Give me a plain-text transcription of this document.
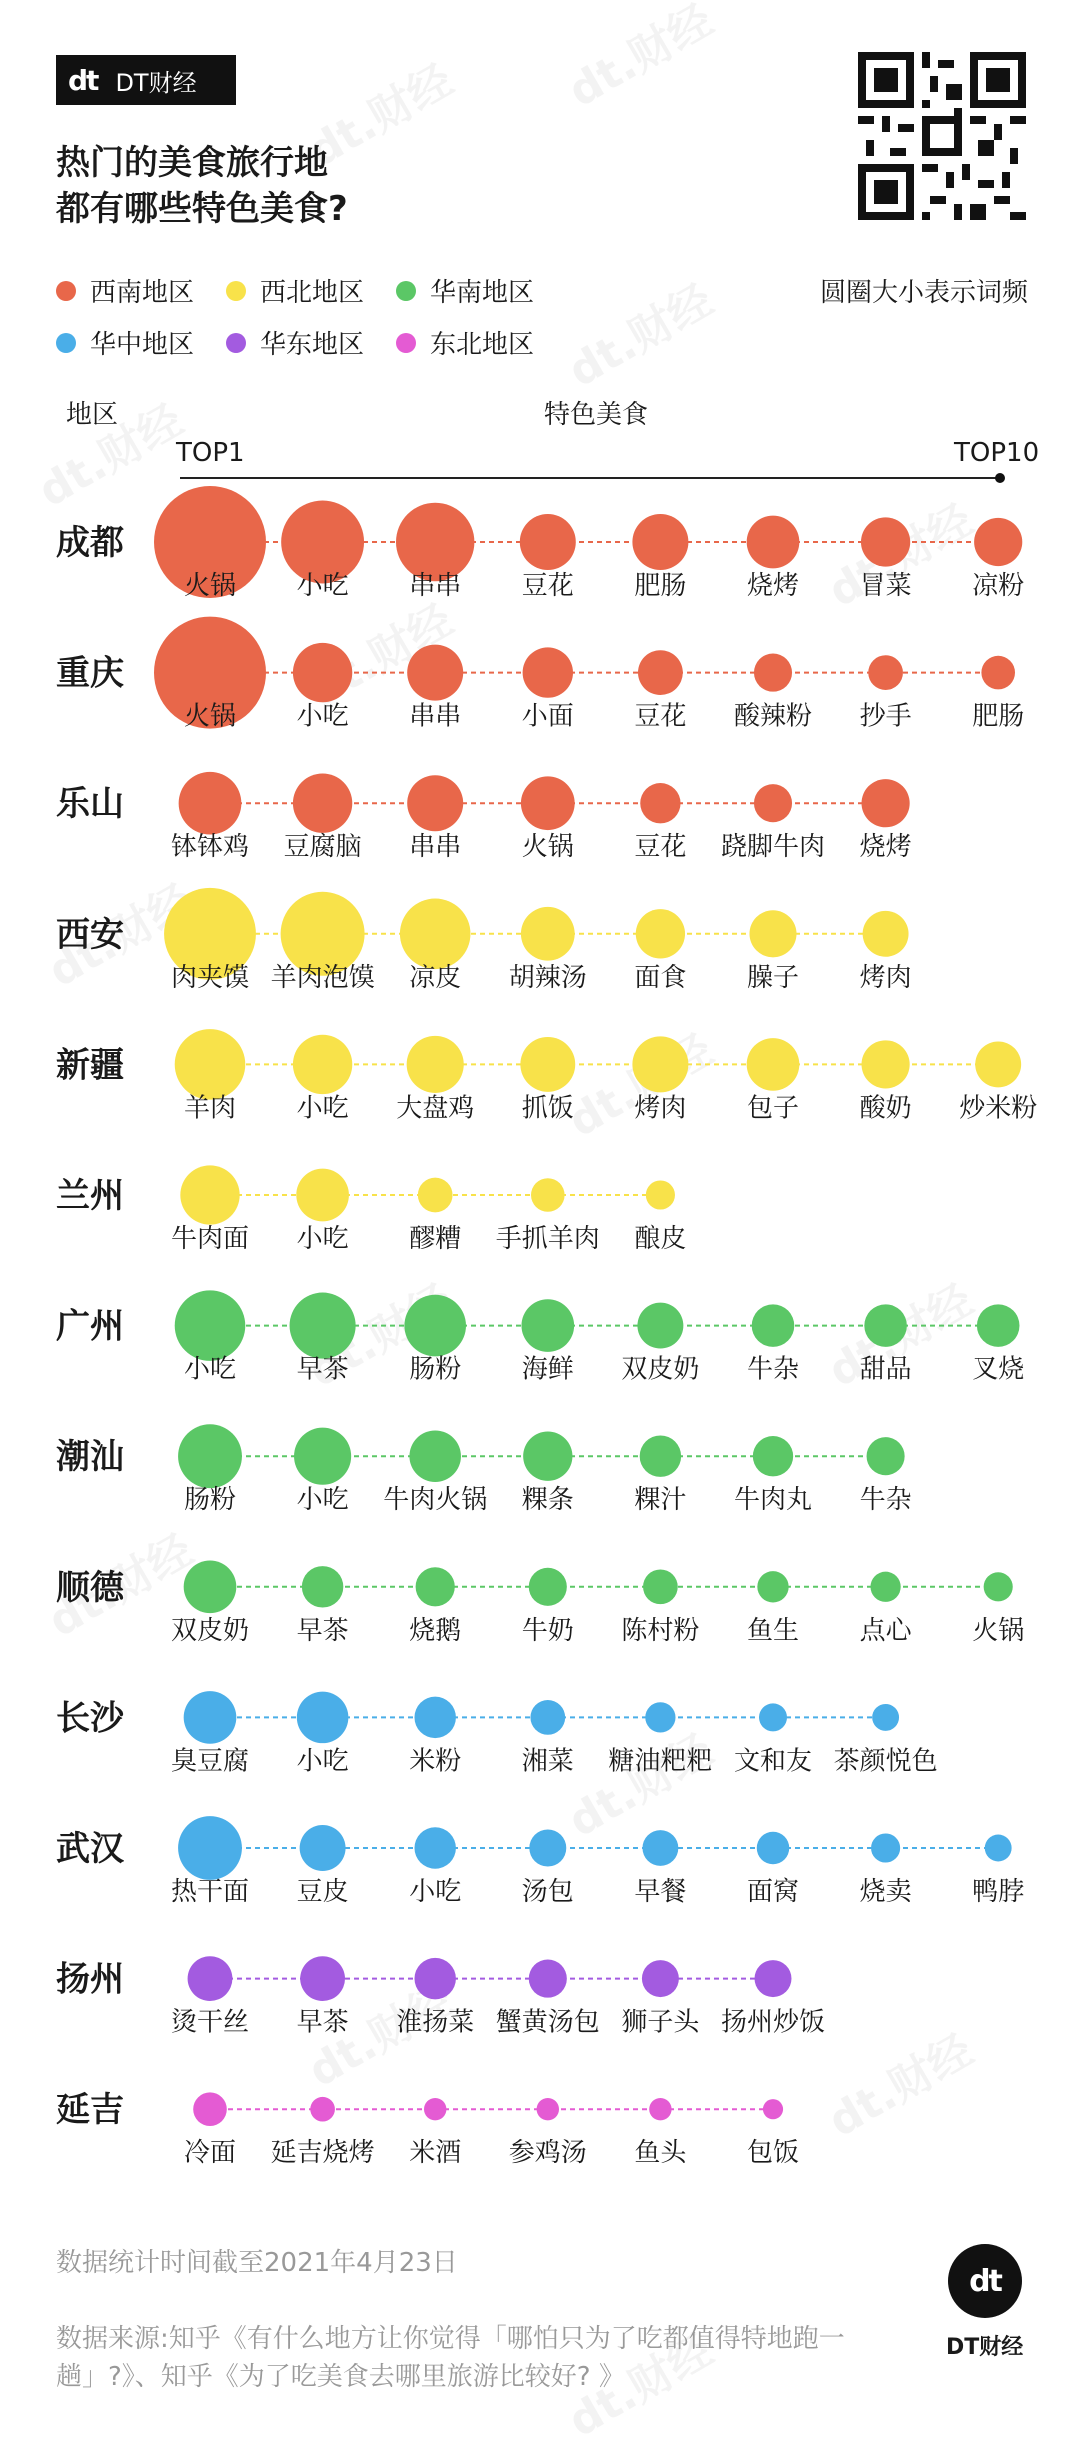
dt DT财经
热门的美食旅行地
都有哪些特色美食?
西南地区	西北地区	华南地区
华中地区	华东地区	东北地区
圆圈大小表示词频
地区	特色美食
TOP1	TOP10
成都
火锅 小吃 串串 豆花 肥肠 烧烤 冒菜 凉粉
重庆
火锅 小吃 串串 小面 豆花 酸辣粉 抄手 肥肠
乐山
钵钵鸡 豆腐脑 串串 火锅 豆花 跷脚牛肉 烧烤
西安
肉夹馍 羊肉泡馍 凉皮 胡辣汤 面食 臊子 烤肉
新疆
羊肉 小吃 大盘鸡 抓饭 烤肉 包子 酸奶 炒米粉
兰州
牛肉面 小吃 醪糟 手抓羊肉 酿皮
广州
小吃 早茶 肠粉 海鲜 双皮奶 牛杂 甜品 叉烧
潮汕
肠粉 小吃 牛肉火锅 粿条 粿汁 牛肉丸 牛杂
顺德
双皮奶 早茶 烧鹅 牛奶 陈村粉 鱼生 点心 火锅
长沙
臭豆腐 小吃 米粉 湘菜 糖油粑粑 文和友 茶颜悦色
武汉
热干面 豆皮 小吃 汤包 早餐 面窝 烧卖 鸭脖
扬州
烫干丝 早茶 淮扬菜 蟹黄汤包 狮子头 扬州炒饭
延吉
冷面 延吉烧烤 米酒 参鸡汤 鱼头 包饭
数据统计时间截至2021年4月23日
数据来源:知乎《有什么地方让你觉得「哪怕只为了吃都值得特地跑一
趟」?》、知乎《为了吃美食去哪里旅游比较好? 》
dt
DT财经
